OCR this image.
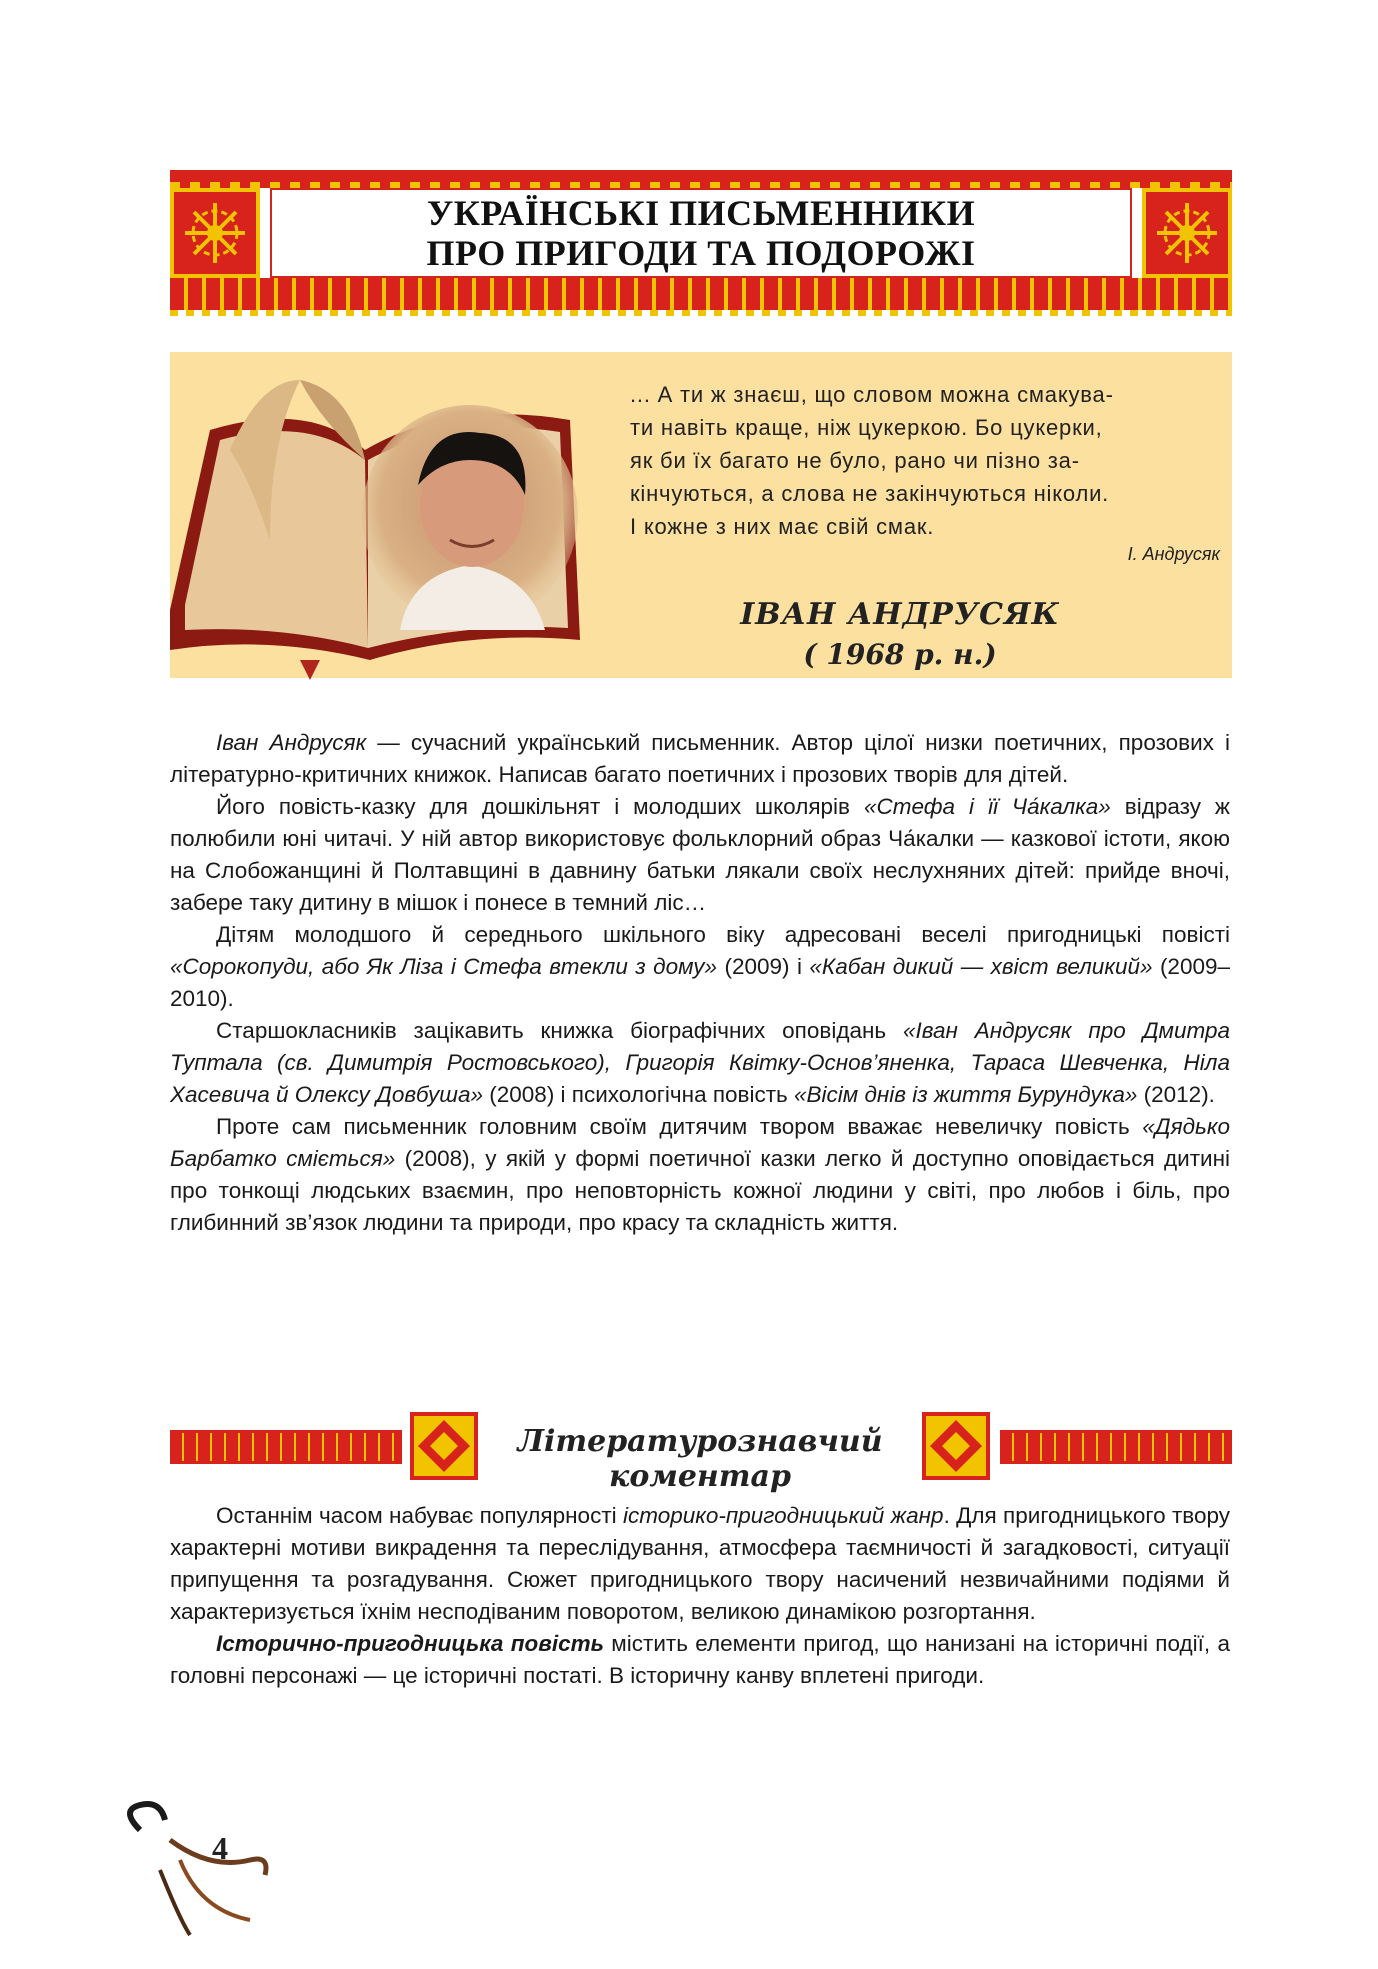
УКРАЇНСЬКІ ПИСЬМЕННИКИ
ПРО ПРИГОДИ ТА ПОДОРОЖІ
... А ти ж знаєш, що словом можна смакува-
ти навіть краще, ніж цукеркою. Бо цукерки,
як би їх багато не було, рано чи пізно за-
кінчуються, а слова не закінчуються ніколи.
І кожне з них має свій смак.
І. Андрусяк
ІВАН АНДРУСЯК
( 1968 р. н.)

Іван Андрусяк — сучасний український письменник. Автор цілої низки поетичних, прозових і літературно-критичних книжок. Написав багато поетичних і прозових творів для дітей.

Його повість-казку для дошкільнят і молодших школярів «Стефа і її Ча́калка» відразу ж полюбили юні читачі. У ній автор використовує фольклорний образ Ча́калки — казкової істоти, якою на Слобожанщині й Полтавщині в давнину батьки лякали своїх неслухняних дітей: прийде вночі, забере таку дитину в мішок і понесе в темний ліс…

Дітям молодшого й середнього шкільного віку адресовані веселі пригодницькі повісті «Сорокопуди, або Як Ліза і Стефа втекли з дому» (2009) і «Кабан дикий — хвіст великий» (2009–2010).

Старшокласників зацікавить книжка біографічних оповідань «Іван Андрусяк про Дмитра Туптала (св. Димитрія Ростовського), Григорія Квітку-Основ’яненка, Тараса Шевченка, Ніла Хасевича й Олексу Довбуша» (2008) і психологічна повість «Вісім днів із життя Бурундука» (2012).

Проте сам письменник головним своїм дитячим твором вважає невеличку повість «Дядько Барбатко сміється» (2008), у якій у формі поетичної казки легко й доступно оповідається дитині про тонкощі людських взаємин, про неповторність кожної людини у світі, про любов і біль, про глибинний зв’язок людини та природи, про красу та складність життя.

Літературознавчий коментар

Останнім часом набуває популярності історико-пригодницький жанр. Для пригодницького твору характерні мотиви викрадення та переслідування, атмосфера таємничості й загадковості, ситуації припущення та розгадування. Сюжет пригодницького твору насичений незвичайними подіями й характеризується їхнім несподіваним поворотом, великою динамікою розгортання.

Історично-пригодницька повість містить елементи пригод, що нанизані на історичні події, а головні персонажі — це історичні постаті. В історичну канву вплетені пригоди.

4
